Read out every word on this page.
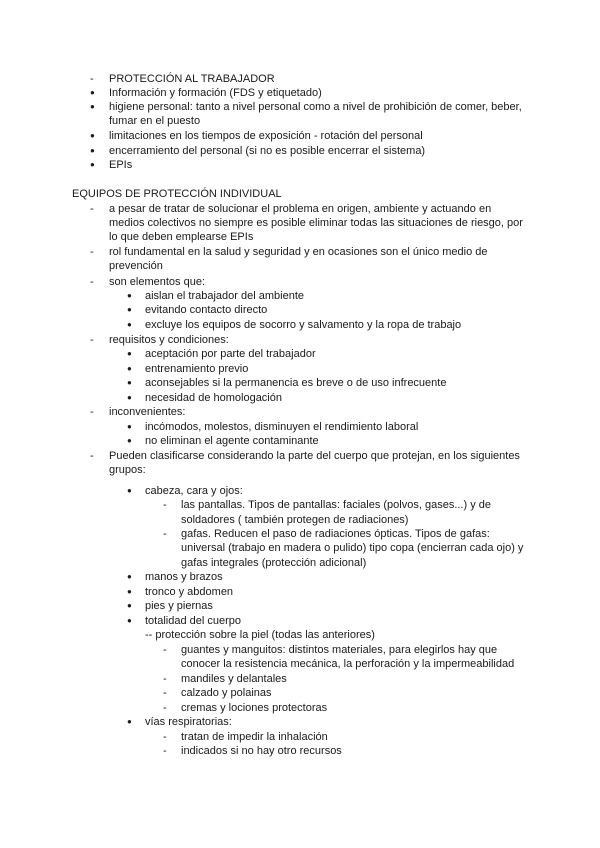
-	PROTECCIÓN AL TRABAJADOR
●	Información y formación (FDS y etiquetado)
●	higiene personal: tanto a nivel personal como a nivel de prohibición de comer, beber,
fumar en el puesto
●	limitaciones en los tiempos de exposición - rotación del personal
●	encerramiento del personal (si no es posible encerrar el sistema)
●	EPIs
EQUIPOS DE PROTECCIÓN INDIVIDUAL
-	a pesar de tratar de solucionar el problema en origen, ambiente y actuando en
medios colectivos no siempre es posible eliminar todas las situaciones de riesgo, por
lo que deben emplearse EPIs
-	rol fundamental en la salud y seguridad y en ocasiones son el único medio de
prevención
-	son elementos que:
●	aislan el trabajador del ambiente
●	evitando contacto directo
●	excluye los equipos de socorro y salvamento y la ropa de trabajo
-	requisitos y condiciones:
●	aceptación por parte del trabajador
●	entrenamiento previo
●	aconsejables si la permanencia es breve o de uso infrecuente
●	necesidad de homologación
-	inconvenientes:
●	incómodos, molestos, disminuyen el rendimiento laboral
●	no eliminan el agente contaminante
-	Pueden clasificarse considerando la parte del cuerpo que protejan, en los siguientes
grupos:
●	cabeza, cara y ojos:
-	las pantallas. Tipos de pantallas: faciales (polvos, gases...) y de
soldadores ( también protegen de radiaciones)
-	gafas. Reducen el paso de radiaciones ópticas. Tipos de gafas:
universal (trabajo en madera o pulido) tipo copa (encierran cada ojo) y
gafas integrales (protección adicional)
●	manos y brazos
●	tronco y abdomen
●	pies y piernas
●	totalidad del cuerpo
-- protección sobre la piel (todas las anteriores)
-	guantes y manguitos: distintos materiales, para elegirlos hay que
conocer la resistencia mecánica, la perforación y la impermeabilidad
-	mandiles y delantales
-	calzado y polainas
-	cremas y lociones protectoras
●	vías respiratorias:
-	tratan de impedir la inhalación
-	indicados si no hay otro recursos
